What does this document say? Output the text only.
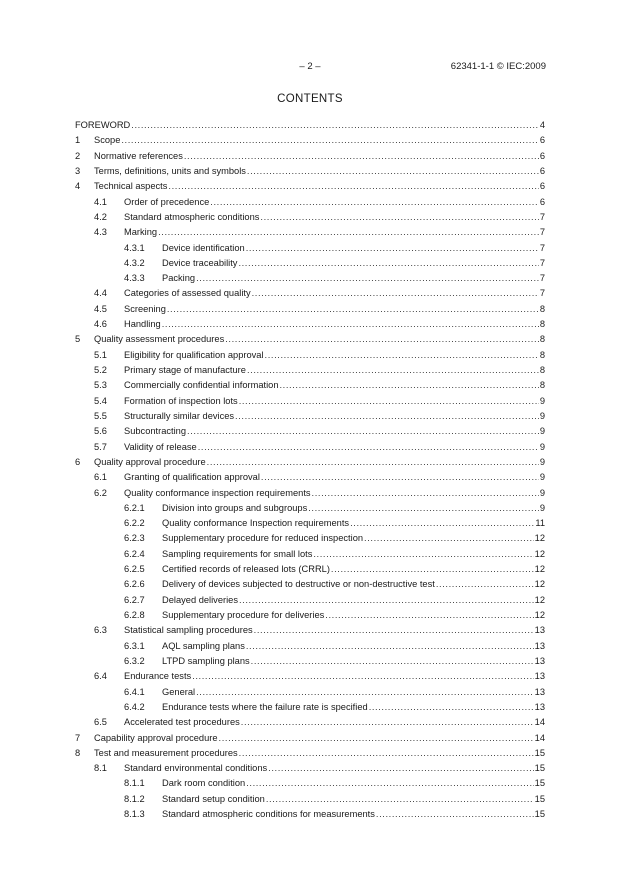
– 2 –	62341-1-1 © IEC:2009
CONTENTS
FOREWORD .....	4
1	Scope .....	6
2	Normative references .....	6
3	Terms, definitions, units and symbols .....	6
4	Technical aspects .....	6
4.1	Order of precedence .....	6
4.2	Standard atmospheric conditions .....	7
4.3	Marking .....	7
4.3.1	Device identification .....	7
4.3.2	Device traceability .....	7
4.3.3	Packing .....	7
4.4	Categories of assessed quality .....	7
4.5	Screening .....	8
4.6	Handling .....	8
5	Quality assessment procedures .....	8
5.1	Eligibility for qualification approval .....	8
5.2	Primary stage of manufacture .....	8
5.3	Commercially confidential information .....	8
5.4	Formation of inspection lots .....	9
5.5	Structurally similar devices .....	9
5.6	Subcontracting .....	9
5.7	Validity of release .....	9
6	Quality approval procedure .....	9
6.1	Granting of qualification approval .....	9
6.2	Quality conformance inspection requirements .....	9
6.2.1	Division into groups and subgroups .....	9
6.2.2	Quality conformance Inspection requirements .....	11
6.2.3	Supplementary procedure for reduced inspection .....	12
6.2.4	Sampling requirements for small lots .....	12
6.2.5	Certified records of released lots (CRRL) .....	12
6.2.6	Delivery of devices subjected to destructive or non-destructive test .....	12
6.2.7	Delayed deliveries .....	12
6.2.8	Supplementary procedure for deliveries .....	12
6.3	Statistical sampling procedures .....	13
6.3.1	AQL sampling plans .....	13
6.3.2	LTPD sampling plans .....	13
6.4	Endurance tests .....	13
6.4.1	General .....	13
6.4.2	Endurance tests where the failure rate is specified .....	13
6.5	Accelerated test procedures .....	14
7	Capability approval procedure .....	14
8	Test and measurement procedures .....	15
8.1	Standard environmental conditions .....	15
8.1.1	Dark room condition .....	15
8.1.2	Standard setup condition .....	15
8.1.3	Standard atmospheric conditions for measurements .....	15
